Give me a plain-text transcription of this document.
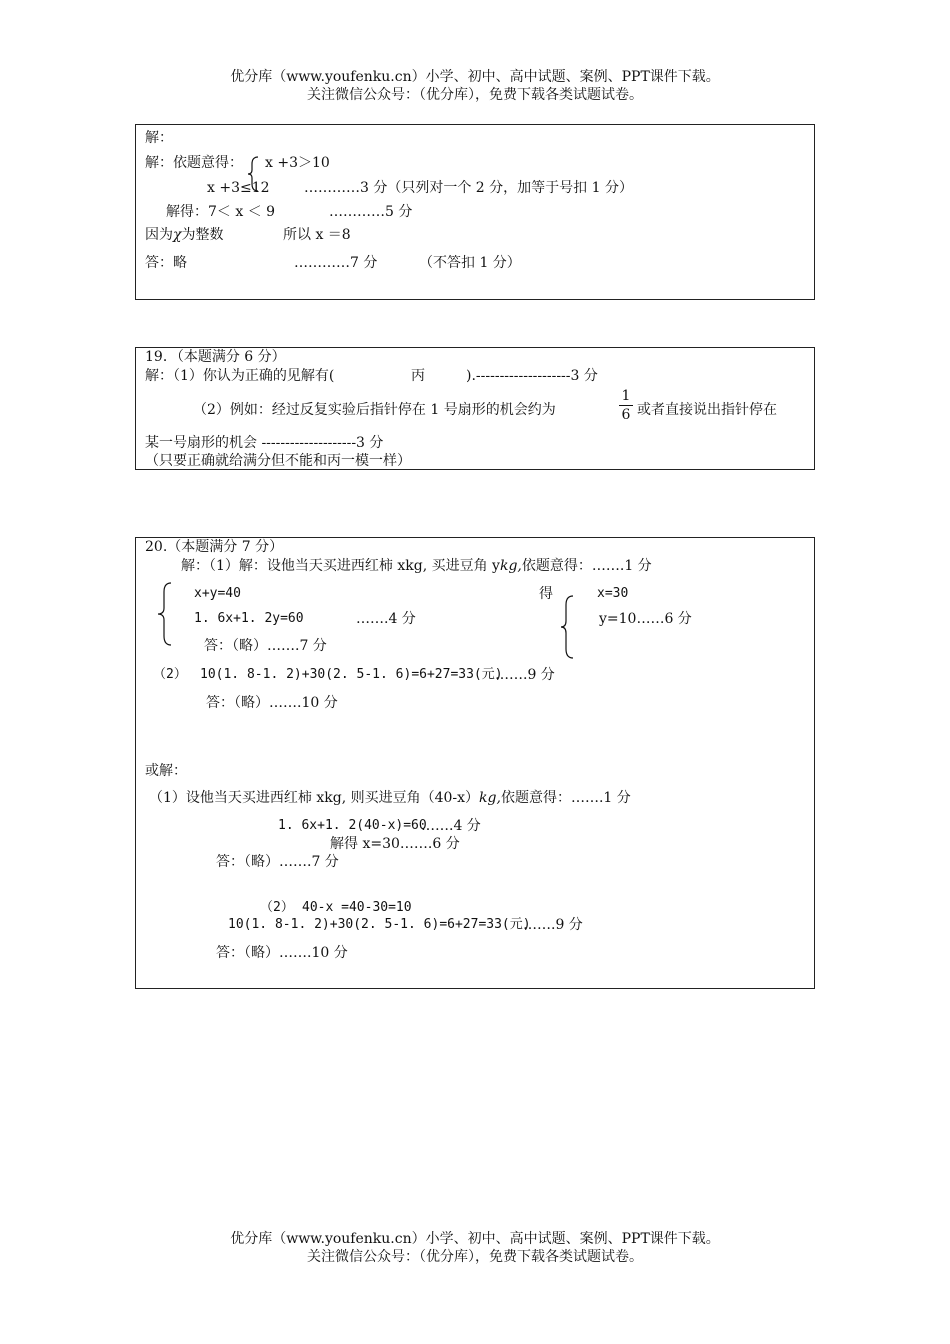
优分库（www.youfenku.cn）小学、初中、高中试题、案例、PPT课件下载。
关注微信公众号：（优分库），免费下载各类试题试卷。
解：
解：依题意得： x +3＞10
x +3≤12 …………3 分（只列对一个 2 分，加等于号扣 1 分）
解得：7＜ x ＜ 9	…………5 分
因为χ为整数	所以 x ＝8
答：略	…………7 分	（不答扣 1 分）
19．（本题满分 6 分）
解：（1）你认为正确的见解有(	丙	).--------------------3 分
（2）例如：经过反复实验后指针停在 1 号扇形的机会约为
1
6 或者直接说出指针停在
某一号扇形的机会 --------------------3 分
（只要正确就给满分但不能和丙一模一样）
20.（本题满分 7 分）
解：（1）解：设他当天买进西红柿 xkg, 买进豆角 ykg,依题意得：…….1 分
x+y=40
1. 6x+1. 2y=60	…….4 分
答：（略）…….7 分
得	x=30
y=10……6 分
（2） 10(1. 8-1. 2)+30(2. 5-1. 6)=6+27=33(元)
…….9 分
答：（略）…….10 分
或解：
（1）设他当天买进西红柿 xkg, 则买进豆角（40-x）kg,依题意得：…….1 分
1. 6x+1. 2(40-x)=60
…….4 分
解得 x=30…….6 分
答：（略）…….7 分
（2） 40-x =40-30=10
10(1. 8-1. 2)+30(2. 5-1. 6)=6+27=33(元)
…….9 分
答：（略）…….10 分
优分库（www.youfenku.cn）小学、初中、高中试题、案例、PPT课件下载。
关注微信公众号：（优分库），免费下载各类试题试卷。
